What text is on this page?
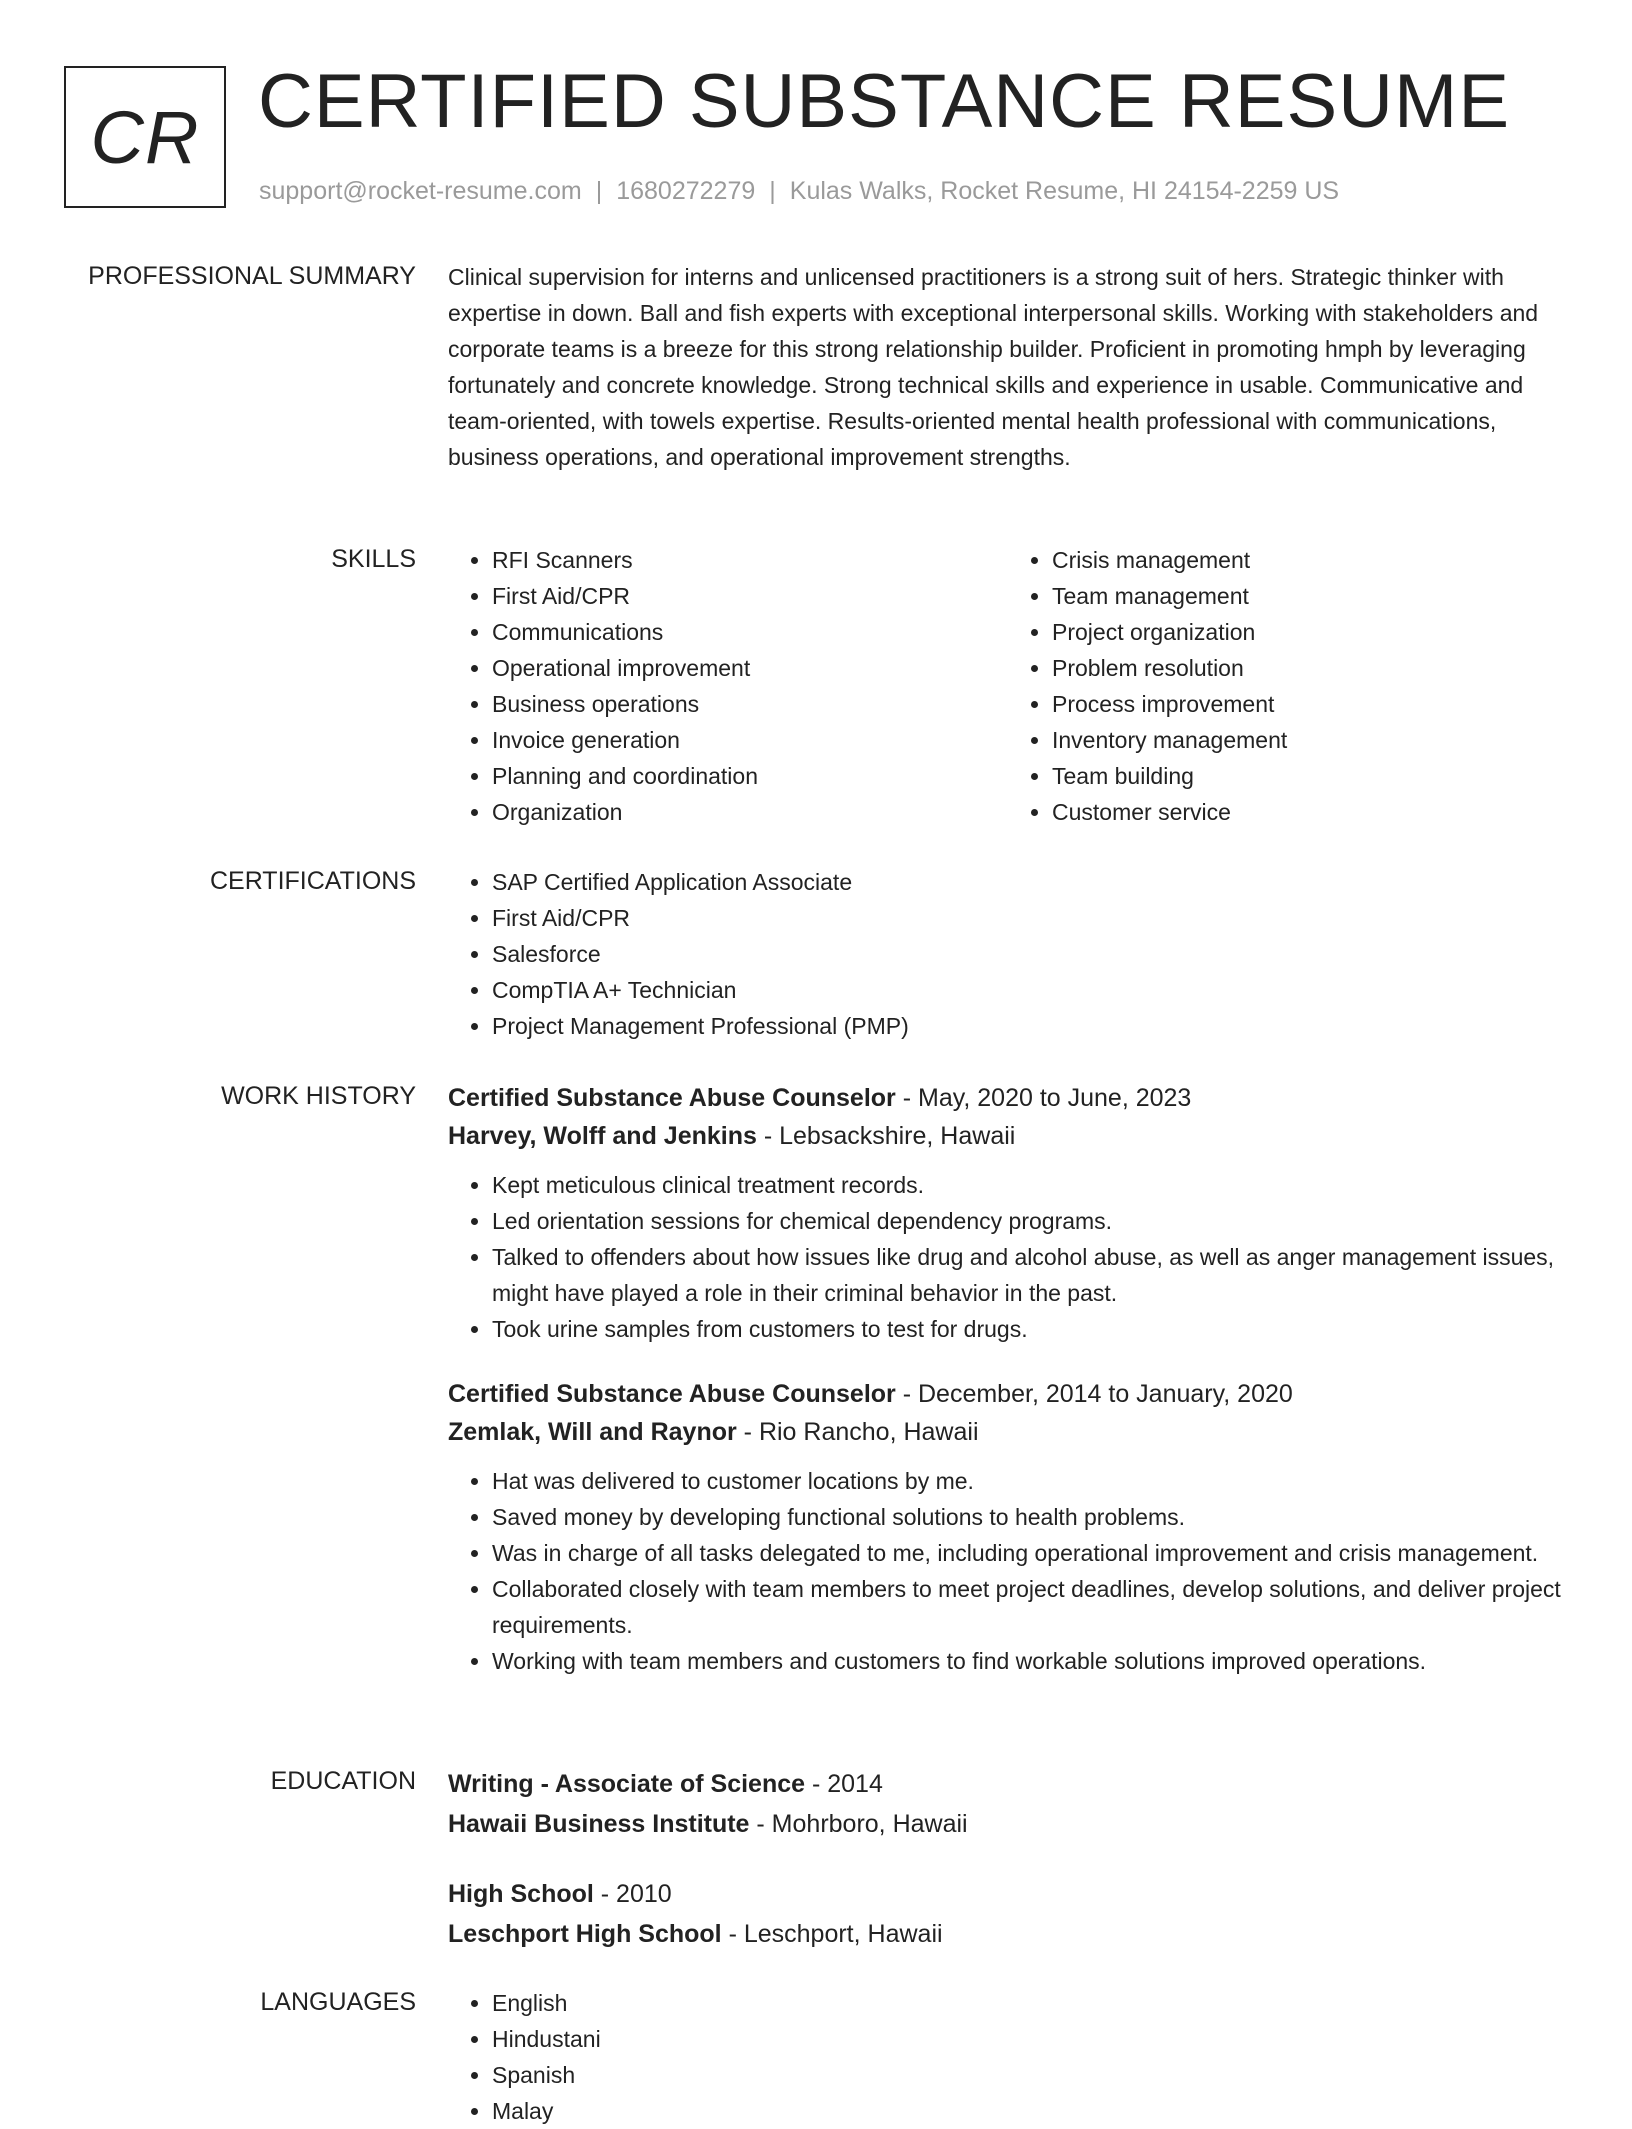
CR CERTIFIED SUBSTANCE RESUME
support@rocket-resume.com | 1680272279 | Kulas Walks, Rocket Resume, HI 24154-2259 US
PROFESSIONAL SUMMARY Clinical supervision for interns and unlicensed practitioners is a strong suit of hers. Strategic thinker with expertise in down. Ball and fish experts with exceptional interpersonal skills. Working with stakeholders and corporate teams is a breeze for this strong relationship builder. Proficient in promoting hmph by leveraging fortunately and concrete knowledge. Strong technical skills and experience in usable. Communicative and team-oriented, with towels expertise. Results-oriented mental health professional with communications, business operations, and operational improvement strengths.

SKILLS	• RFI Scanners
• First Aid/CPR
• Communications
• Operational improvement
• Business operations
• Invoice generation
• Planning and coordination
• Organization
• Crisis management
• Team management
• Project organization
• Problem resolution
• Process improvement
• Inventory management
• Team building
• Customer service
CERTIFICATIONS	• SAP Certified Application Associate
• First Aid/CPR
• Salesforce
• CompTIA A+ Technician
• Project Management Professional (PMP)
WORK HISTORY Certified Substance Abuse Counselor - May, 2020 to June, 2023
Harvey, Wolff and Jenkins - Lebsackshire, Hawaii
• Kept meticulous clinical treatment records.
• Led orientation sessions for chemical dependency programs.
• Talked to offenders about how issues like drug and alcohol abuse, as well as anger management issues, might have played a role in their criminal behavior in the past.
• Took urine samples from customers to test for drugs.
Certified Substance Abuse Counselor - December, 2014 to January, 2020
Zemlak, Will and Raynor - Rio Rancho, Hawaii
• Hat was delivered to customer locations by me.
• Saved money by developing functional solutions to health problems.
• Was in charge of all tasks delegated to me, including operational improvement and crisis management.
• Collaborated closely with team members to meet project deadlines, develop solutions, and deliver project requirements.
• Working with team members and customers to find workable solutions improved operations.
EDUCATION Writing - Associate of Science - 2014
Hawaii Business Institute - Mohrboro, Hawaii
High School - 2010
Leschport High School - Leschport, Hawaii
LANGUAGES	• English
• Hindustani
• Spanish
• Malay
